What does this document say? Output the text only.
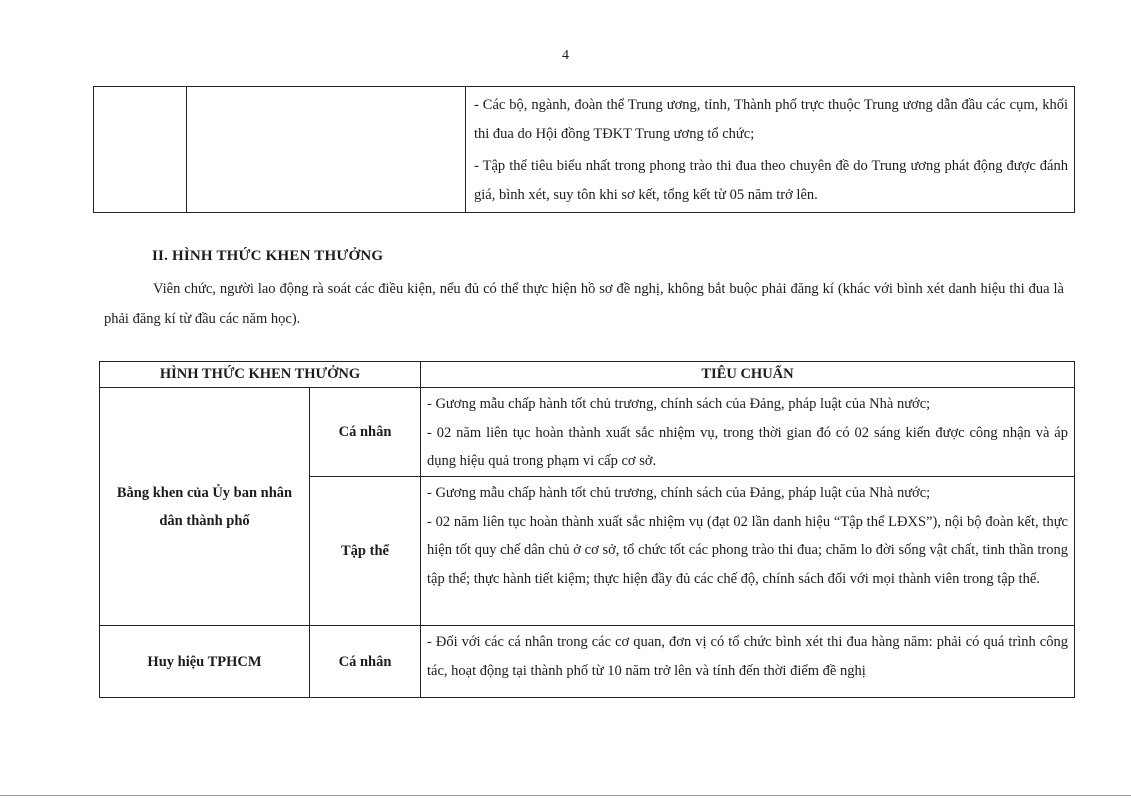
4

- Các bộ, ngành, đoàn thể Trung ương, tỉnh, Thành phố trực thuộc Trung ương dẫn đầu các cụm, khối thi đua do Hội đồng TĐKT Trung ương tổ chức;
- Tập thể tiêu biểu nhất trong phong trào thi đua theo chuyên đề do Trung ương phát động được đánh giá, bình xét, suy tôn khi sơ kết, tổng kết từ 05 năm trở lên.
II. HÌNH THỨC KHEN THƯỞNG
Viên chức, người lao động rà soát các điều kiện, nếu đủ có thể thực hiện hồ sơ đề nghị, không bắt buộc phải đăng kí (khác với bình xét danh hiệu thi đua là phải đăng kí từ đầu các năm học).
HÌNH THỨC KHEN THƯỞNG		TIÊU CHUẨN
Bằng khen của Ủy ban nhân dân thành phố	Cá nhân	- Gương mẫu chấp hành tốt chủ trương, chính sách của Đảng, pháp luật của Nhà nước;
- 02 năm liên tục hoàn thành xuất sắc nhiệm vụ, trong thời gian đó có 02 sáng kiến được công nhận và áp dụng hiệu quả trong phạm vi cấp cơ sở.

	Tập thể	- Gương mẫu chấp hành tốt chủ trương, chính sách của Đảng, pháp luật của Nhà nước;
- 02 năm liên tục hoàn thành xuất sắc nhiệm vụ (đạt 02 lần danh hiệu “Tập thể LĐXS”), nội bộ đoàn kết, thực hiện tốt quy chế dân chủ ở cơ sở, tổ chức tốt các phong trào thi đua; chăm lo đời sống vật chất, tinh thần trong tập thể; thực hành tiết kiệm; thực hiện đầy đủ các chế độ, chính sách đối với mọi thành viên trong tập thể.

Huy hiệu TPHCM	Cá nhân	- Đối với các cá nhân trong các cơ quan, đơn vị có tổ chức bình xét thi đua hàng năm: phải có quá trình công tác, hoạt động tại thành phố từ 10 năm trở lên và tính đến thời điểm đề nghị
